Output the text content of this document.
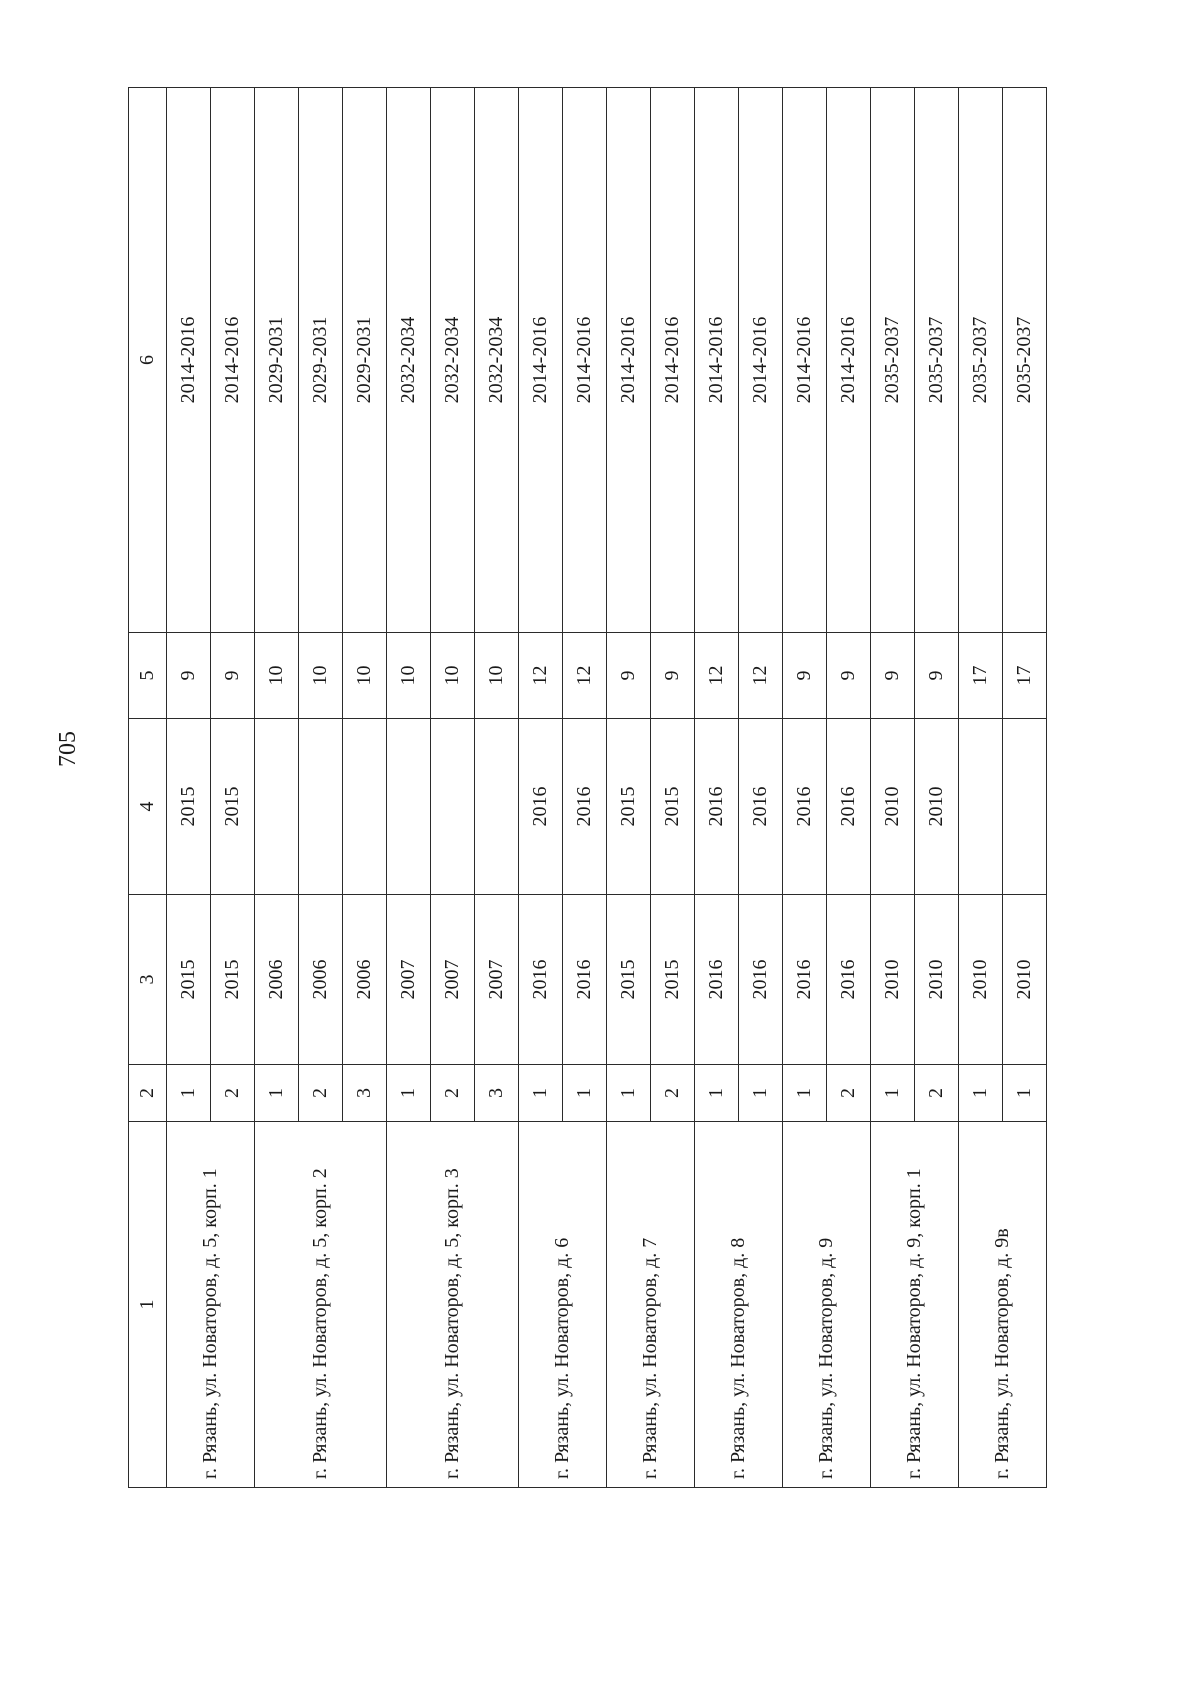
705
1	2	3	4	5	6
г. Рязань, ул. Новаторов, д. 5, корп. 1	1	2015	2015	9	2014-2016
	2	2015	2015	9	2014-2016
г. Рязань, ул. Новаторов, д. 5, корп. 2	1	2006		10	2029-2031
	2	2006		10	2029-2031
	3	2006		10	2029-2031
г. Рязань, ул. Новаторов, д. 5, корп. 3	1	2007		10	2032-2034
	2	2007		10	2032-2034
	3	2007		10	2032-2034
г. Рязань, ул. Новаторов, д. 6	1	2016	2016	12	2014-2016
	1	2016	2016	12	2014-2016
г. Рязань, ул. Новаторов, д. 7	1	2015	2015	9	2014-2016
	2	2015	2015	9	2014-2016
г. Рязань, ул. Новаторов, д. 8	1	2016	2016	12	2014-2016
	1	2016	2016	12	2014-2016
г. Рязань, ул. Новаторов, д. 9	1	2016	2016	9	2014-2016
	2	2016	2016	9	2014-2016
г. Рязань, ул. Новаторов, д. 9, корп. 1	1	2010	2010	9	2035-2037
	2	2010	2010	9	2035-2037
г. Рязань, ул. Новаторов, д. 9в	1	2010		17	2035-2037
	1	2010		17	2035-2037
